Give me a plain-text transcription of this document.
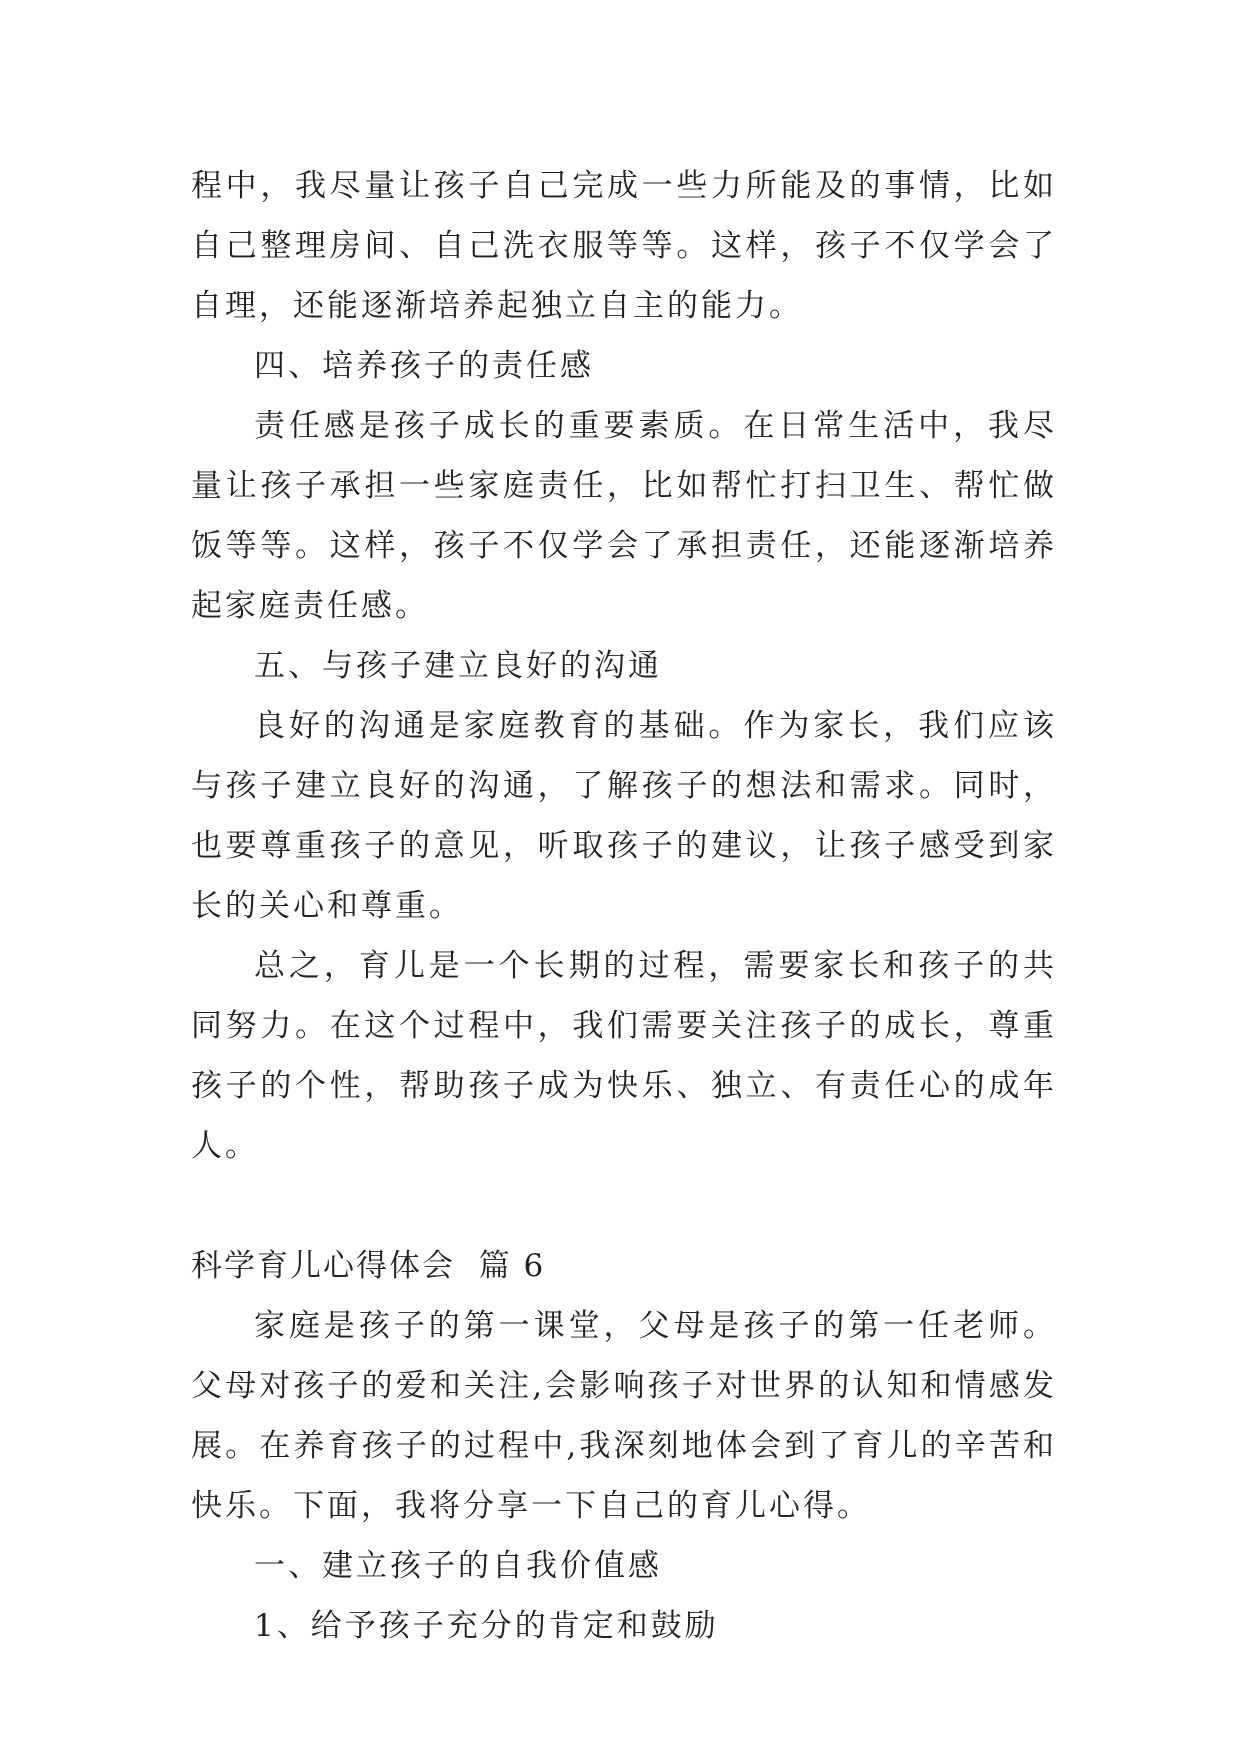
程中，我尽量让孩子自己完成一些力所能及的事情，比如自己整理房间、自己洗衣服等等。这样，孩子不仅学会了自理，还能逐渐培养起独立自主的能力。

四、培养孩子的责任感

责任感是孩子成长的重要素质。在日常生活中，我尽量让孩子承担一些家庭责任，比如帮忙打扫卫生、帮忙做饭等等。这样，孩子不仅学会了承担责任，还能逐渐培养起家庭责任感。

五、与孩子建立良好的沟通

良好的沟通是家庭教育的基础。作为家长，我们应该与孩子建立良好的沟通，了解孩子的想法和需求。同时，也要尊重孩子的意见，听取孩子的建议，让孩子感受到家长的关心和尊重。

总之，育儿是一个长期的过程，需要家长和孩子的共同努力。在这个过程中，我们需要关注孩子的成长，尊重孩子的个性，帮助孩子成为快乐、独立、有责任心的成年人。

科学育儿心得体会  篇 6

家庭是孩子的第一课堂，父母是孩子的第一任老师。父母对孩子的爱和关注,会影响孩子对世界的认知和情感发展。在养育孩子的过程中,我深刻地体会到了育儿的辛苦和快乐。下面，我将分享一下自己的育儿心得。

一、建立孩子的自我价值感

1、给予孩子充分的肯定和鼓励
